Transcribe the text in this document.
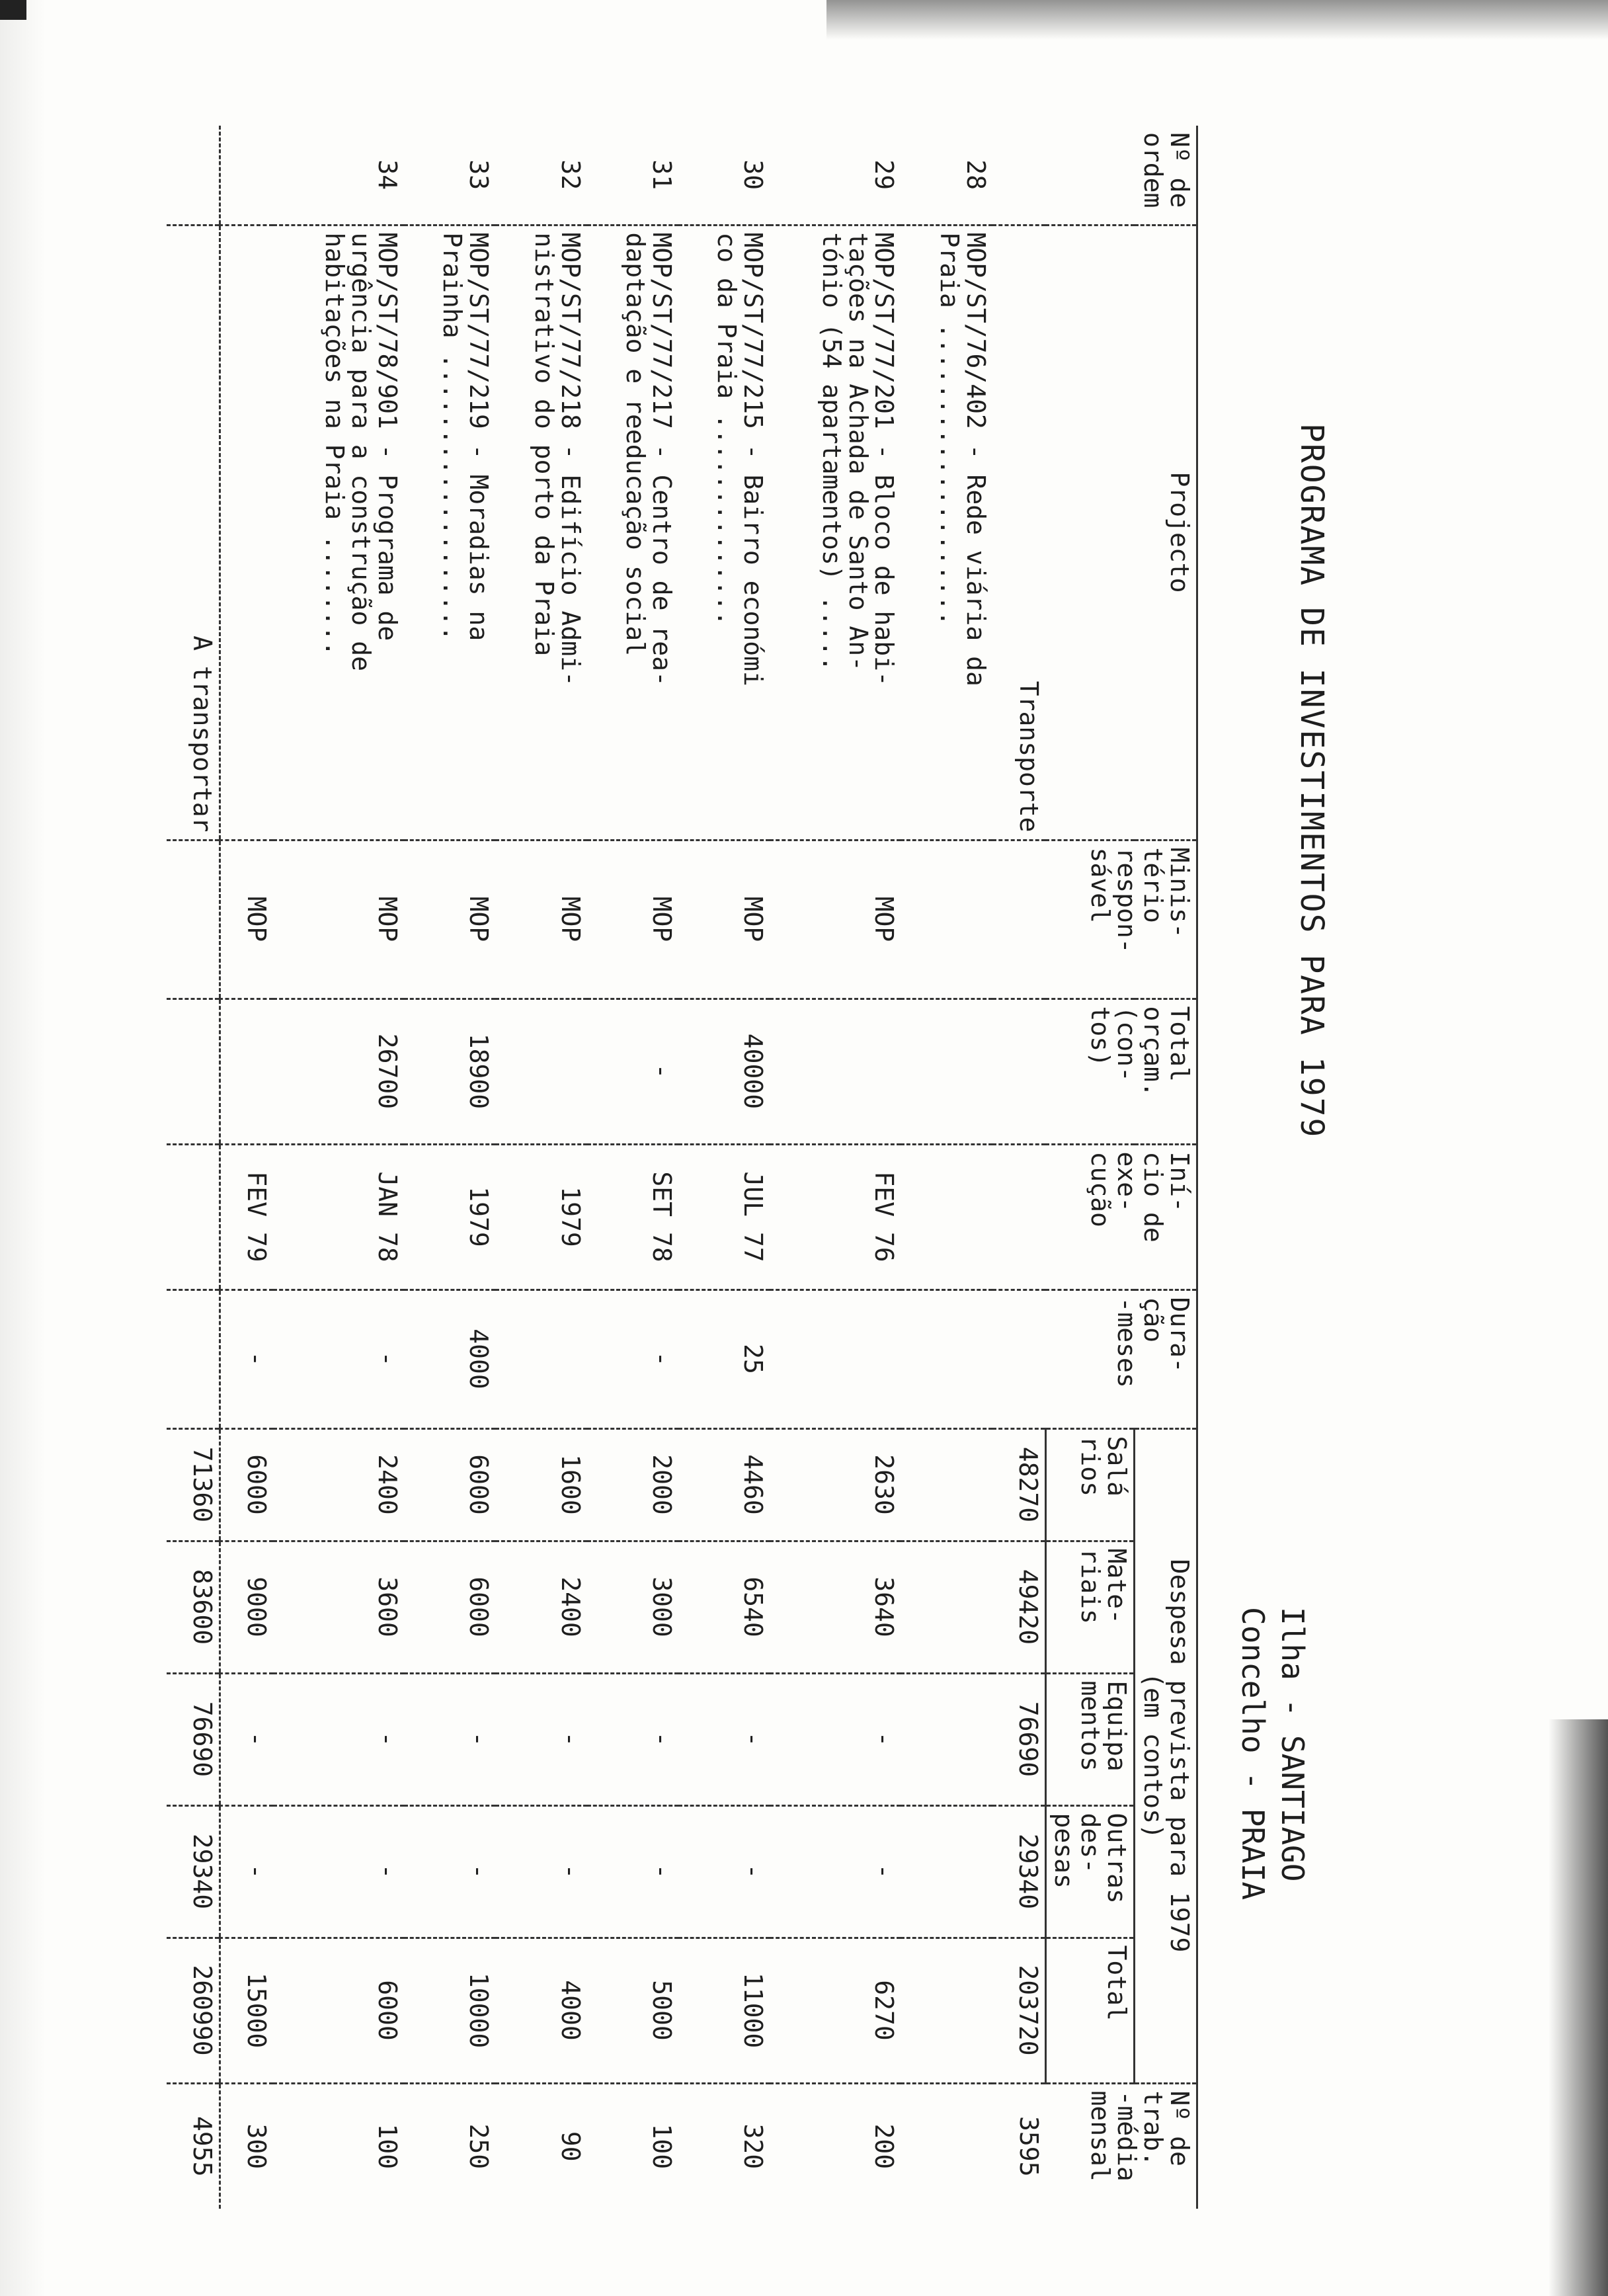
PROGRAMA DE INVESTIMENTOS PARA 1979
Ilha - SANTIAGO
Concelho - PRAIA
Nº de
ordem	Projecto	Minis-
tério
respon-
sável	Total
orçam.
(con-
tos)	Iní-
cio de
exe-
cução	Dura-
ção
-meses	Despesa prevista para 1979
(em contos)					Nº de
trab.
-média
mensal
						Salá
rios	Mate-
riais	Equipa
mentos	Outras
des-
pesas	Total	
	Transporte					48270	49420	76690	29340	203720	3595
28	MOP/ST/76/402 - Rede viária da
Praia ....................										
29	MOP/ST/77/201 - Bloco de habi-
tações na Achada de Santo An-
tónio (54 apartamentos) .....	MOP		FEV 76		2630	3640	-	-	6270	200
30	MOP/ST/77/215 - Bairro económi
co da Praia ..............	MOP	40000	JUL 77	25	4460	6540	-	-	11000	320
31	MOP/ST/77/217 - Centro de rea-
daptação e reeducação social	MOP	-	SET 78	-	2000	3000	-	-	5000	100
32	MOP/ST/77/218 - Edifício Admi-
nistrativo do porto da Praia	MOP		1979		1600	2400	-	-	4000	90
33	MOP/ST/77/219 - Moradias na
Prainha ...................	MOP	18900	1979	4000	6000	6000	-	-	10000	250
34	MOP/ST/78/901 - Programa de
urgência para a construção de
habitações na Praia ........	MOP	26700	JAN 78	-	2400	3600	-	-	6000	100
		MOP		FEV 79	-	6000	9000	-	-	15000	300
	A transportar					71360	83600	76690	29340	260990	4955
